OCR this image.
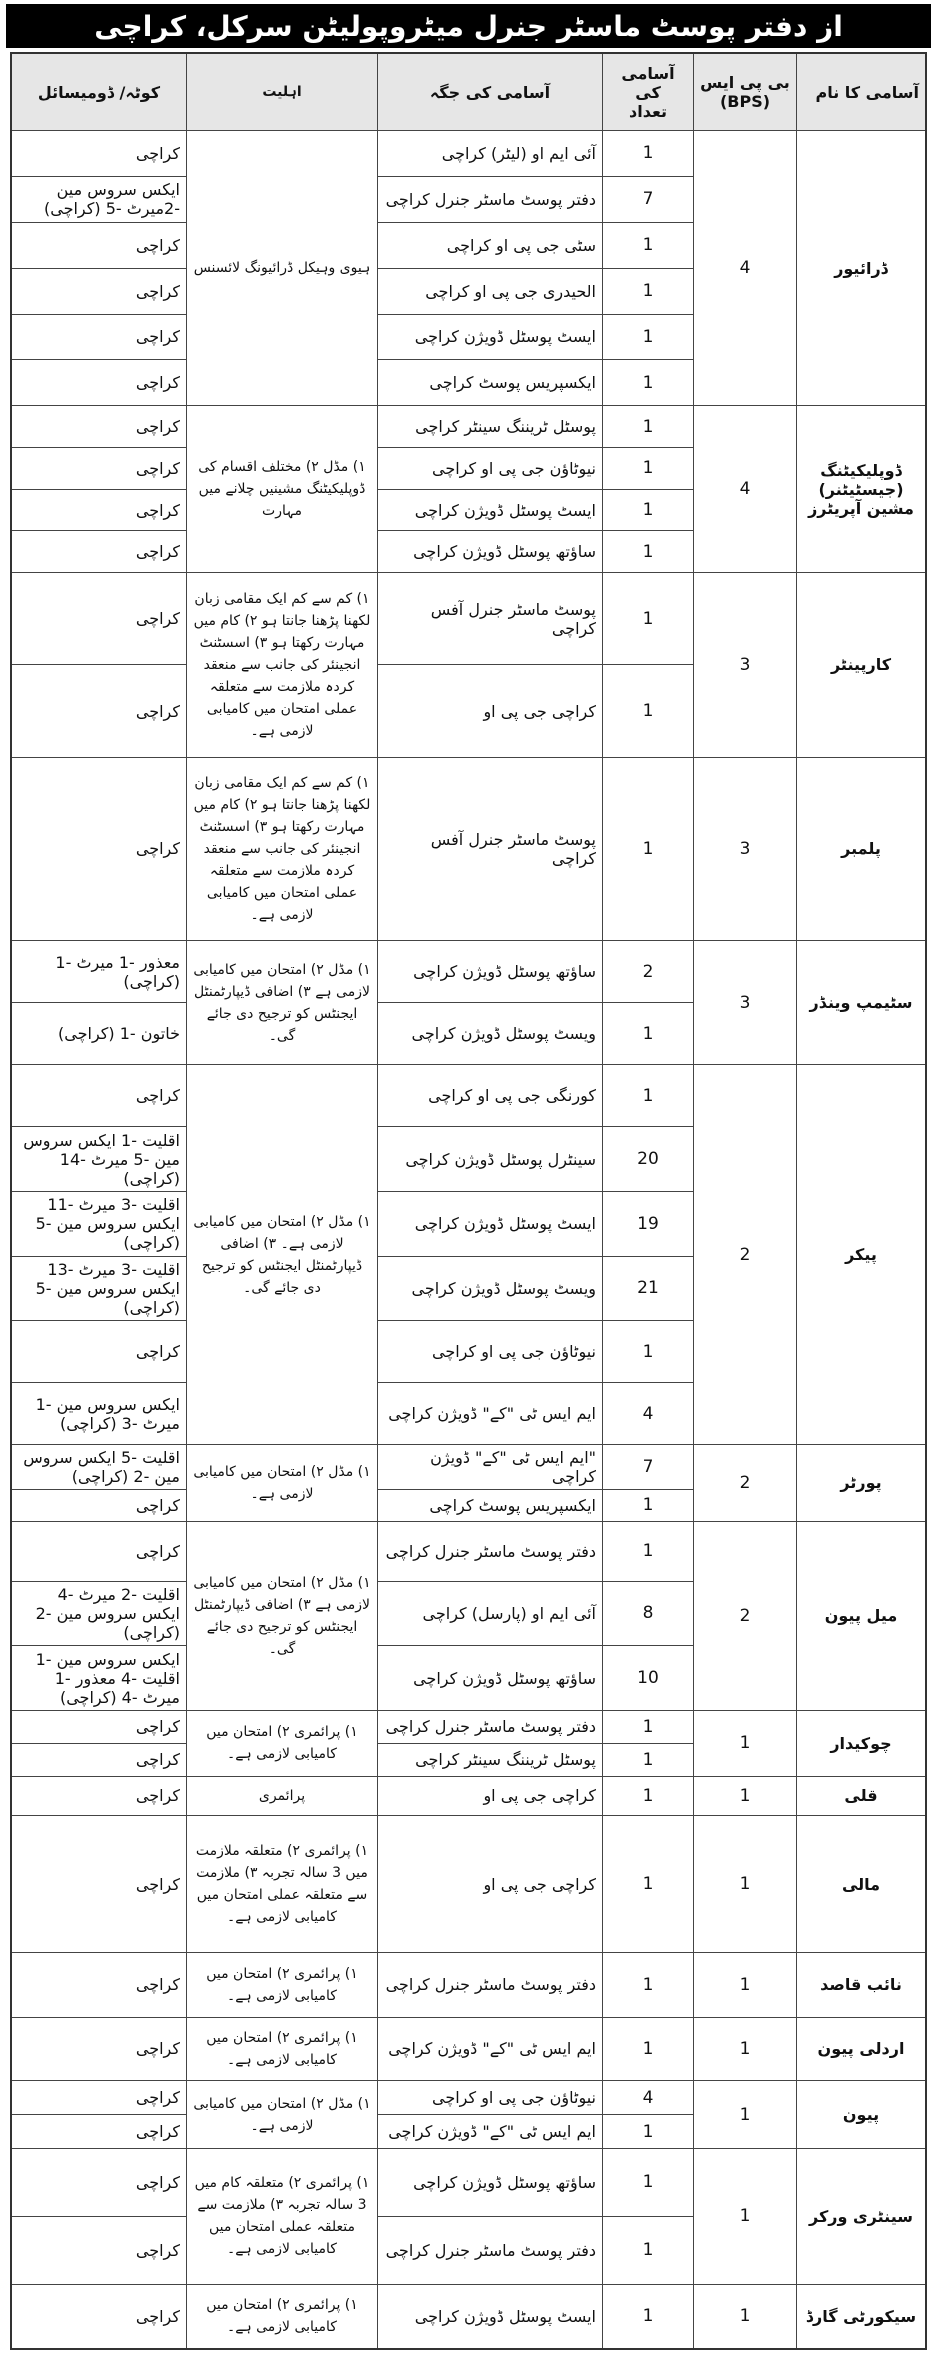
از دفتر پوسٹ ماسٹر جنرل میٹروپولیٹن سرکل، کراچی
آسامی کا نام	بی پی ایس
(BPS)	آسامی کی
تعداد	آسامی کی جگہ	اہلیت	کوٹہ/ ڈومیسائل
ڈرائیور	4	1	آئی ایم او (لیٹر) کراچی	ہیوی وہیکل ڈرائیونگ لائسنس	کراچی
		7	دفتر پوسٹ ماسٹر جنرل کراچی		ایکس سروس مین -2میرٹ -5 (کراچی)
		1	سٹی جی پی او کراچی		کراچی
		1	الحیدری جی پی او کراچی		کراچی
		1	ایسٹ پوسٹل ڈویژن کراچی		کراچی
		1	ایکسپریس پوسٹ کراچی		کراچی
ڈوپلیکیٹنگ (جیسٹیٹنر) مشین آپریٹرز	4	1	پوسٹل ٹریننگ سینٹر کراچی	۱) مڈل ۲) مختلف اقسام کی ڈوپلیکیٹنگ مشینیں چلانے میں مہارت	کراچی
		1	نیوٹاؤن جی پی او کراچی		کراچی
		1	ایسٹ پوسٹل ڈویژن کراچی		کراچی
		1	ساؤتھ پوسٹل ڈویژن کراچی		کراچی
کارپینٹر	3	1	پوسٹ ماسٹر جنرل آفس کراچی	۱) کم سے کم ایک مقامی زبان لکھنا پڑھنا جانتا ہو ۲) کام میں مہارت رکھتا ہو ۳) اسسٹنٹ انجینئر کی جانب سے منعقد کردہ ملازمت سے متعلقہ عملی امتحان میں کامیابی لازمی ہے۔	کراچی
		1	کراچی جی پی او		کراچی
پلمبر	3	1	پوسٹ ماسٹر جنرل آفس کراچی	۱) کم سے کم ایک مقامی زبان لکھنا پڑھنا جانتا ہو ۲) کام میں مہارت رکھتا ہو ۳) اسسٹنٹ انجینئر کی جانب سے منعقد کردہ ملازمت سے متعلقہ عملی امتحان میں کامیابی لازمی ہے۔	کراچی
سٹیمپ وینڈر	3	2	ساؤتھ پوسٹل ڈویژن کراچی	۱) مڈل ۲) امتحان میں کامیابی لازمی ہے ۳) اضافی ڈیپارٹمنٹل ایجنٹس کو ترجیح دی جائے گی۔	معذور -1 میرٹ -1 (کراچی)
		1	ویسٹ پوسٹل ڈویژن کراچی		خاتون -1 (کراچی)
پیکر	2	1	کورنگی جی پی او کراچی	۱) مڈل ۲) امتحان میں کامیابی لازمی ہے۔ ۳) اضافی ڈیپارٹمنٹل ایجنٹس کو ترجیح دی جائے گی۔	کراچی
		20	سینٹرل پوسٹل ڈویژن کراچی		اقلیت -1 ایکس سروس مین -5 میرٹ -14 (کراچی)
		19	ایسٹ پوسٹل ڈویژن کراچی		اقلیت -3 میرٹ -11 ایکس سروس مین -5 (کراچی)
		21	ویسٹ پوسٹل ڈویژن کراچی		اقلیت -3 میرٹ -13 ایکس سروس مین -5 (کراچی)
		1	نیوٹاؤن جی پی او کراچی		کراچی
		4	ایم ایس ٹی "کے" ڈویژن کراچی		ایکس سروس مین -1 میرٹ -3 (کراچی)
پورٹر	2	7	"ایم ایس ٹی "کے" ڈویژن کراچی	۱) مڈل ۲) امتحان میں کامیابی لازمی ہے۔	اقلیت -5 ایکس سروس مین -2 (کراچی)
		1	ایکسپریس پوسٹ کراچی		کراچی
میل پیون	2	1	دفتر پوسٹ ماسٹر جنرل کراچی	۱) مڈل ۲) امتحان میں کامیابی لازمی ہے ۳) اضافی ڈیپارٹمنٹل ایجنٹس کو ترجیح دی جائے گی۔	کراچی
		8	آئی ایم او (پارسل) کراچی		اقلیت -2 میرٹ -4 ایکس سروس مین -2 (کراچی)
		10	ساؤتھ پوسٹل ڈویژن کراچی		ایکس سروس مین -1 اقلیت -4 معذور -1 میرٹ -4 (کراچی)
چوکیدار	1	1	دفتر پوسٹ ماسٹر جنرل کراچی	۱) پرائمری ۲) امتحان میں کامیابی لازمی ہے۔	کراچی
		1	پوسٹل ٹریننگ سینٹر کراچی		کراچی
قلی	1	1	کراچی جی پی او	پرائمری	کراچی
مالی	1	1	کراچی جی پی او	۱) پرائمری ۲) متعلقہ ملازمت میں 3 سالہ تجربہ ۳) ملازمت سے متعلقہ عملی امتحان میں کامیابی لازمی ہے۔	کراچی
نائب قاصد	1	1	دفتر پوسٹ ماسٹر جنرل کراچی	۱) پرائمری ۲) امتحان میں کامیابی لازمی ہے۔	کراچی
اردلی پیون	1	1	ایم ایس ٹی "کے" ڈویژن کراچی	۱) پرائمری ۲) امتحان میں کامیابی لازمی ہے۔	کراچی
پیون	1	4	نیوٹاؤن جی پی او کراچی	۱) مڈل ۲) امتحان میں کامیابی لازمی ہے۔	کراچی
		1	ایم ایس ٹی "کے" ڈویژن کراچی		کراچی
سینٹری ورکر	1	1	ساؤتھ پوسٹل ڈویژن کراچی	۱) پرائمری ۲) متعلقہ کام میں 3 سالہ تجربہ ۳) ملازمت سے متعلقہ عملی امتحان میں کامیابی لازمی ہے۔	کراچی
		1	دفتر پوسٹ ماسٹر جنرل کراچی		کراچی
سیکورٹی گارڈ	1	1	ایسٹ پوسٹل ڈویژن کراچی	۱) پرائمری ۲) امتحان میں کامیابی لازمی ہے۔	کراچی
